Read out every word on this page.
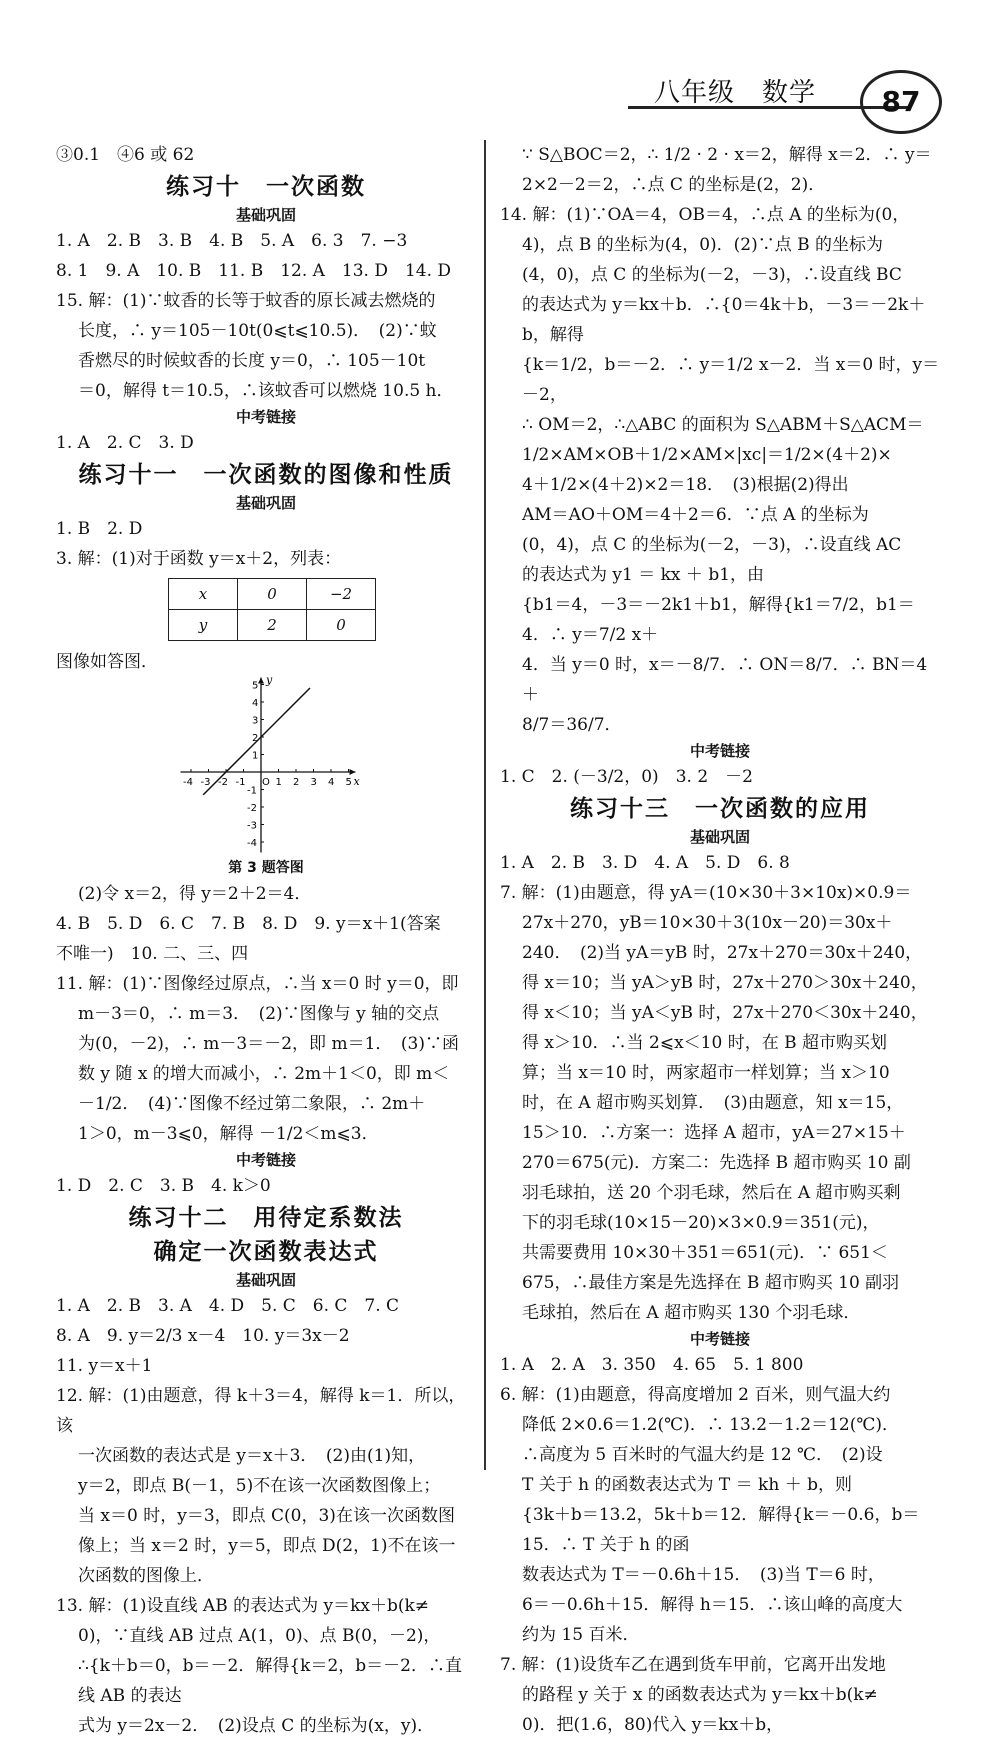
八年级　数学	87

③0.1　④6 或 62

练习十　一次函数

基础巩固

1. A　2. B　3. B　4. B　5. A　6. 3　7. −3

8. 1　9. A　10. B　11. B　12. A　13. D　14. D

15. 解：(1)∵蚊香的长等于蚊香的原长减去燃烧的

长度，∴ y＝105－10t(0⩽t⩽10.5)．　(2)∵蚊

香燃尽的时候蚊香的长度 y＝0，∴ 105－10t

＝0，解得 t＝10.5，∴该蚊香可以燃烧 10.5 h．

中考链接

1. A　2. C　3. D

练习十一　一次函数的图像和性质

基础巩固

1. B　2. D

3. 解：(1)对于函数 y＝x＋2，列表：

x	0	−2
y	2	0

图像如答图．

x
y
-4 -3 -2 -1 O 1 2 3 4 5
5
4
3
2
1
-1
-2
-3
-4

第 3 题答图

(2)令 x＝2，得 y＝2＋2＝4．

4. B　5. D　6. C　7. B　8. D　9. y＝x＋1(答案

不唯一)　10. 二、三、四

11. 解：(1)∵图像经过原点，∴当 x＝0 时 y＝0，即

m－3＝0，∴ m＝3．　(2)∵图像与 y 轴的交点

为(0，－2)，∴ m－3＝－2，即 m＝1．　(3)∵函

数 y 随 x 的增大而减小，∴ 2m＋1＜0，即 m＜

－1/2．　(4)∵图像不经过第二象限，∴ 2m＋

1＞0，m－3⩽0，解得 －1/2＜m⩽3．

中考链接

1. D　2. C　3. B　4. k＞0

练习十二　用待定系数法

确定一次函数表达式

基础巩固

1. A　2. B　3. A　4. D　5. C　6. C　7. C

8. A　9. y＝2/3 x－4　10. y＝3x－2

11. y＝x＋1

12. 解：(1)由题意，得 k＋3＝4，解得 k＝1．所以，该

一次函数的表达式是 y＝x＋3．　(2)由(1)知，

y＝2，即点 B(－1，5)不在该一次函数图像上；

当 x＝0 时，y＝3，即点 C(0，3)在该一次函数图

像上；当 x＝2 时，y＝5，即点 D(2，1)不在该一

次函数的图像上．

13. 解：(1)设直线 AB 的表达式为 y＝kx＋b(k≠

0)，∵直线 AB 过点 A(1，0)、点 B(0，－2)，

∴{k＋b＝0，b＝－2．解得{k＝2，b＝－2．∴直线 AB 的表达

式为 y＝2x－2．　(2)设点 C 的坐标为(x，y)．

∵ S△BOC＝2，∴ 1/2 · 2 · x＝2，解得 x＝2．∴ y＝

2×2－2＝2，∴点 C 的坐标是(2，2)．

14. 解：(1)∵OA＝4，OB＝4，∴点 A 的坐标为(0，

4)，点 B 的坐标为(4，0)．(2)∵点 B 的坐标为

(4，0)，点 C 的坐标为(－2，－3)，∴设直线 BC

的表达式为 y＝kx＋b．∴{0＝4k＋b，－3＝－2k＋b，解得

{k＝1/2，b＝－2．∴ y＝1/2 x－2．当 x＝0 时，y＝－2，

∴ OM＝2，∴△ABC 的面积为 S△ABM＋S△ACM＝

1/2×AM×OB＋1/2×AM×|xc|＝1/2×(4＋2)×

4＋1/2×(4＋2)×2＝18．　(3)根据(2)得出

AM＝AO＋OM＝4＋2＝6．∵点 A 的坐标为

(0，4)，点 C 的坐标为(－2，－3)，∴设直线 AC

的表达式为 y1 ＝ kx ＋ b1，由

{b1＝4，－3＝－2k1＋b1，解得{k1＝7/2，b1＝4．∴ y＝7/2 x＋

4．当 y＝0 时，x＝－8/7．∴ ON＝8/7．∴ BN＝4＋

8/7＝36/7．

中考链接

1. C　2. (－3/2，0)　3. 2　－2

练习十三　一次函数的应用

基础巩固

1. A　2. B　3. D　4. A　5. D　6. 8

7. 解：(1)由题意，得 yA＝(10×30＋3×10x)×0.9＝

27x＋270，yB＝10×30＋3(10x－20)＝30x＋

240．　(2)当 yA＝yB 时，27x＋270＝30x＋240，

得 x＝10；当 yA＞yB 时，27x＋270＞30x＋240，

得 x＜10；当 yA＜yB 时，27x＋270＜30x＋240，

得 x＞10．∴当 2⩽x＜10 时，在 B 超市购买划

算；当 x＝10 时，两家超市一样划算；当 x＞10

时，在 A 超市购买划算．　(3)由题意，知 x＝15，

15＞10．∴方案一：选择 A 超市，yA＝27×15＋

270＝675(元)．方案二：先选择 B 超市购买 10 副

羽毛球拍，送 20 个羽毛球，然后在 A 超市购买剩

下的羽毛球(10×15－20)×3×0.9＝351(元)，

共需要费用 10×30＋351＝651(元)．∵ 651＜

675，∴最佳方案是先选择在 B 超市购买 10 副羽

毛球拍，然后在 A 超市购买 130 个羽毛球．

中考链接

1. A　2. A　3. 350　4. 65　5. 1 800

6. 解：(1)由题意，得高度增加 2 百米，则气温大约

降低 2×0.6＝1.2(℃)．∴ 13.2－1.2＝12(℃)．

∴高度为 5 百米时的气温大约是 12 ℃．　(2)设

T 关于 h 的函数表达式为 T ＝ kh ＋ b，则

{3k＋b＝13.2，5k＋b＝12．解得{k＝－0.6，b＝15．∴ T 关于 h 的函

数表达式为 T＝－0.6h＋15．　(3)当 T＝6 时，

6＝－0.6h＋15．解得 h＝15．∴该山峰的高度大

约为 15 百米．

7. 解：(1)设货车乙在遇到货车甲前，它离开出发地

的路程 y 关于 x 的函数表达式为 y＝kx＋b(k≠

0)．把(1.6，80)代入 y＝kx＋b，
